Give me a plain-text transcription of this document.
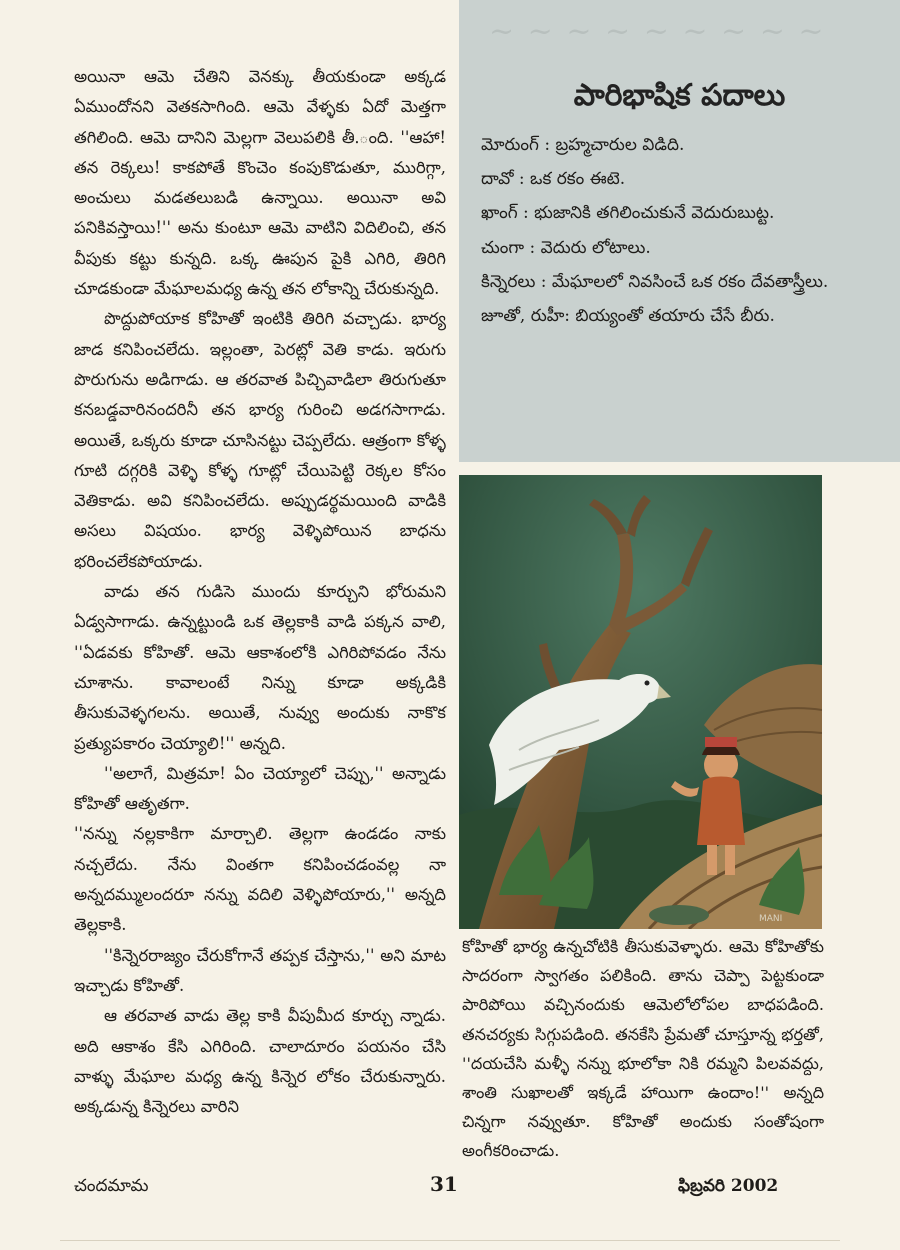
అయినా ఆమె చేతిని వెనక్కు తీయకుండా అక్కడ ఏముందోనని వెతకసాగింది. ఆమె వేళ్ళకు ఏదో మెత్తగా తగిలింది. ఆమె దానిని మెల్లగా వెలుపలికి తీ.ంది. ''ఆహా! తన రెక్కలు! కాకపోతే కొంచెం కంపుకొడుతూ, మురిగ్గా, అంచులు మడతలుబడి ఉన్నాయి. అయినా అవి పనికివస్తాయి!'' అను కుంటూ ఆమె వాటిని విదిలించి, తన వీపుకు కట్టు కున్నది. ఒక్క ఊపున పైకి ఎగిరి, తిరిగి చూడకుండా మేఘాలమధ్య ఉన్న తన లోకాన్ని చేరుకున్నది.

పొద్దుపోయాక కోహితో ఇంటికి తిరిగి వచ్చాడు. భార్య జాడ కనిపించలేదు. ఇల్లంతా, పెరట్లో వెతి కాడు. ఇరుగు పొరుగును అడిగాడు. ఆ తరవాత పిచ్చివాడిలా తిరుగుతూ కనబడ్డవారినందరినీ తన భార్య గురించి అడగసాగాడు. అయితే, ఒక్కరు కూడా చూసినట్టు చెప్పలేదు. ఆత్రంగా కోళ్ళ గూటి దగ్గరికి వెళ్ళి కోళ్ళ గూట్లో చేయిపెట్టి రెక్కల కోసం వెతికాడు. అవి కనిపించలేదు. అప్పుడర్థమయింది వాడికి అసలు విషయం. భార్య వెళ్ళిపోయిన బాధను భరించలేకపోయాడు.

వాడు తన గుడిసె ముందు కూర్చుని భోరుమని ఏడ్వసాగాడు. ఉన్నట్టుండి ఒక తెల్లకాకి వాడి పక్కన వాలి, ''ఏడవకు కోహితో. ఆమె ఆకాశంలోకి ఎగిరిపోవడం నేను చూశాను. కావాలంటే నిన్ను కూడా అక్కడికి తీసుకువెళ్ళగలను. అయితే, నువ్వు అందుకు నాకొక ప్రత్యుపకారం చెయ్యాలి!'' అన్నది.

''అలాగే, మిత్రమా! ఏం చెయ్యాలో చెప్పు,'' అన్నాడు కోహితో ఆతృతగా.

''నన్ను నల్లకాకిగా మార్చాలి. తెల్లగా ఉండడం నాకు నచ్చలేదు. నేను వింతగా కనిపించడంవల్ల నా అన్నదమ్ములందరూ నన్ను వదిలి వెళ్ళిపోయారు,'' అన్నది తెల్లకాకి.

''కిన్నెరరాజ్యం చేరుకోగానే తప్పక చేస్తాను,'' అని మాట ఇచ్చాడు కోహితో.

ఆ తరవాత వాడు తెల్ల కాకి వీపుమీద కూర్చు న్నాడు. అది ఆకాశం కేసి ఎగిరింది. చాలాదూరం పయనం చేసి వాళ్ళు మేఘాల మధ్య ఉన్న కిన్నెర లోకం చేరుకున్నారు. అక్కడున్న కిన్నెరలు వారిని

~ ~ ~ ~ ~ ~ ~ ~ ~
పారిభాషిక పదాలు

మోరుంగ్ : బ్రహ్మచారుల విడిది.

దావో : ఒక రకం ఈటె.

ఖాంగ్ : భుజానికి తగిలించుకునే వెదురుబుట్ట.

చుంగా : వెదురు లోటాలు.

కిన్నెరలు : మేఘాలలో నివసించే ఒక రకం దేవతాస్త్రీలు.

జూతో, రుహీ: బియ్యంతో తయారు చేసే బీరు.

MANI

కోహితో భార్య ఉన్నచోటికి తీసుకువెళ్ళారు. ఆమె కోహితోకు సాదరంగా స్వాగతం పలికింది. తాను చెప్పా పెట్టకుండా పారిపోయి వచ్చినందుకు ఆమెలోలోపల బాధపడింది. తనచర్యకు సిగ్గుపడింది. తనకేసి ప్రేమతో చూస్తూన్న భర్తతో, ''దయచేసి మళ్ళీ నన్ను భూలోకా నికి రమ్మని పిలవవద్దు, శాంతి సుఖాలతో ఇక్కడే హాయిగా ఉందాం!'' అన్నది చిన్నగా నవ్వుతూ. కోహితో అందుకు సంతోషంగా అంగీకరించాడు.

చందమామ	31	ఫిబ్రవరి 2002
